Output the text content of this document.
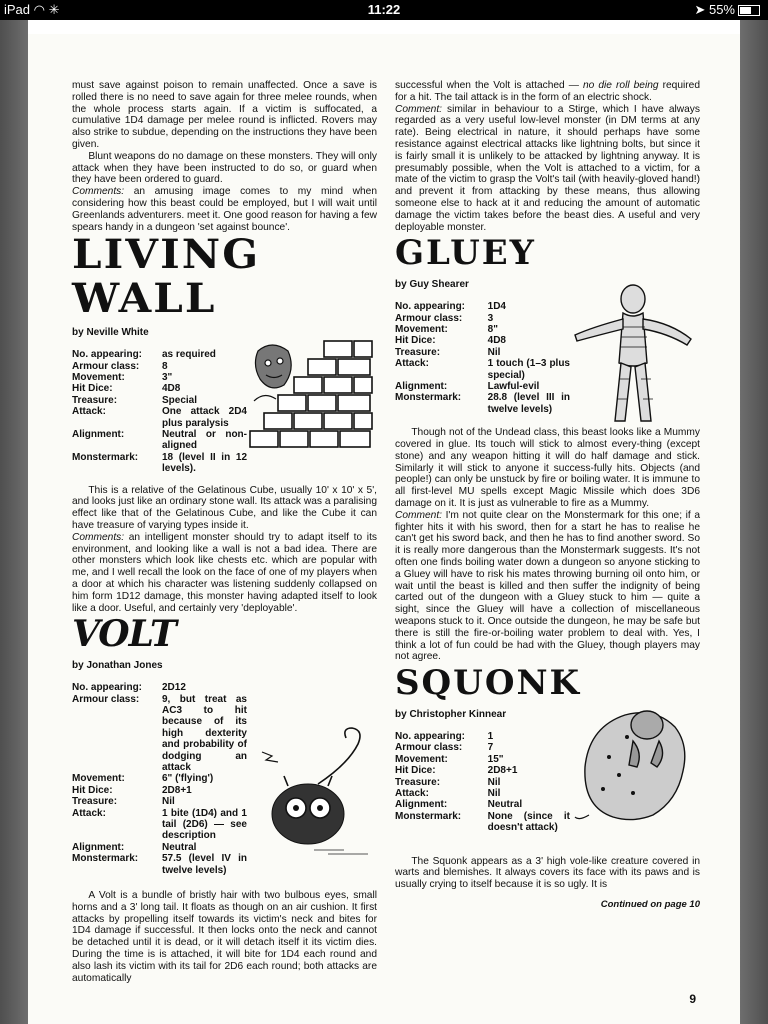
iPad ◠ ✳	11:22	➤ 55%

must save against poison to remain unaffected. Once a save is rolled there is no need to save again for three melee rounds, when the whole process starts again. If a victim is suffocated, a cumulative 1D4 damage per melee round is inflicted. Rovers may also strike to subdue, depending on the instructions they have been given.

Blunt weapons do no damage on these monsters. They will only attack when they have been instructed to do so, or guard when they have been ordered to guard.

Comments: an amusing image comes to my mind when considering how this beast could be employed, but I will wait until Greenlands adventurers. meet it. One good reason for having a few spears handy in a dungeon 'set against bounce'.

LIVING WALL

by Neville White

No. appearing:	as required
Armour class:	8
Movement:	3"
Hit Dice:	4D8
Treasure:	Special
Attack:	One attack 2D4 plus paralysis
Alignment:	Neutral or non-aligned
Monstermark:	18 (level II in 12 levels).

This is a relative of the Gelatinous Cube, usually 10' x 10' x 5', and looks just like an ordinary stone wall. Its attack was a paralising effect like that of the Gelatinous Cube, and like the Cube it can have treasure of varying types inside it.

Comments: an intelligent monster should try to adapt itself to its environment, and looking like a wall is not a bad idea. There are other monsters which look like chests etc. which are popular with me, and I well recall the look on the face of one of my players when a door at which his character was listening suddenly collapsed on him form 1D12 damage, this monster having adapted itself to look like a door. Useful, and certainly very 'deployable'.

VOLT

by Jonathan Jones

No. appearing:	2D12
Armour class:	9, but treat as AC3 to hit because of its high dexterity and probability of dodging an attack
Movement:	6" ('flying')
Hit Dice:	2D8+1
Treasure:	Nil
Attack:	1 bite (1D4) and 1 tail (2D6) — see description
Alignment:	Neutral
Monstermark:	57.5 (level IV in twelve levels)

A Volt is a bundle of bristly hair with two bulbous eyes, small horns and a 3' long tail. It floats as though on an air cushion. It first attacks by propelling itself towards its victim's neck and bites for 1D4 damage if successful. It then locks onto the neck and cannot be detached until it is dead, or it will detach itself it its victim dies. During the time is is attached, it will bite for 1D4 each round and also lash its victim with its tail for 2D6 each round; both attacks are automatically

successful when the Volt is attached — no die roll being required for a hit. The tail attack is in the form of an electric shock.

Comment: similar in behaviour to a Stirge, which I have always regarded as a very useful low-level monster (in DM terms at any rate). Being electrical in nature, it should perhaps have some resistance against electrical attacks like lightning bolts, but since it is fairly small it is unlikely to be attacked by lightning anyway. It is presumably possible, when the Volt is attached to a victim, for a mate of the victim to grasp the Volt's tail (with heavily-gloved hand!) and prevent it from attacking by these means, thus allowing someone else to hack at it and reducing the amount of automatic damage the victim takes before the beast dies. A useful and very deployable monster.

GLUEY

by Guy Shearer

No. appearing:	1D4
Armour class:	3
Movement:	8"
Hit Dice:	4D8
Treasure:	Nil
Attack:	1 touch (1–3 plus special)
Alignment:	Lawful-evil
Monstermark:	28.8 (level III in twelve levels)

Though not of the Undead class, this beast looks like a Mummy covered in glue. Its touch will stick to almost every-thing (except stone) and any weapon hitting it will do half damage and stick. Similarly it will stick to anyone it success-fully hits. Objects (and people!) can only be unstuck by fire or boiling water. It is immune to all first-level MU spells except Magic Missile which does 3D6 damage on it. It is just as vulnerable to fire as a Mummy.

Comment: I'm not quite clear on the Monstermark for this one; if a fighter hits it with his sword, then for a start he has to realise he can't get his sword back, and then he has to find another sword. So it is really more dangerous than the Monstermark suggests. It's not often one finds boiling water down a dungeon so anyone sticking to a Gluey will have to risk his mates throwing burning oil onto him, or wait until the beast is killed and then suffer the indignity of being carted out of the dungeon with a Gluey stuck to him — quite a sight, since the Gluey will have a collection of miscellaneous weapons stuck to it. Once outside the dungeon, he may be safe but there is still the fire-or-boiling water problem to deal with. Yes, I think a lot of fun could be had with the Gluey, though players may not agree.

SQUONK

by Christopher Kinnear

No. appearing:	1
Armour class:	7
Movement:	15"
Hit Dice:	2D8+1
Treasure:	Nil
Attack:	Nil
Alignment:	Neutral
Monstermark:	None (since it doesn't attack)

The Squonk appears as a 3' high vole-like creature covered in warts and blemishes. It always covers its face with its paws and is usually crying to itself because it is so ugly. It is

Continued on page 10

9
